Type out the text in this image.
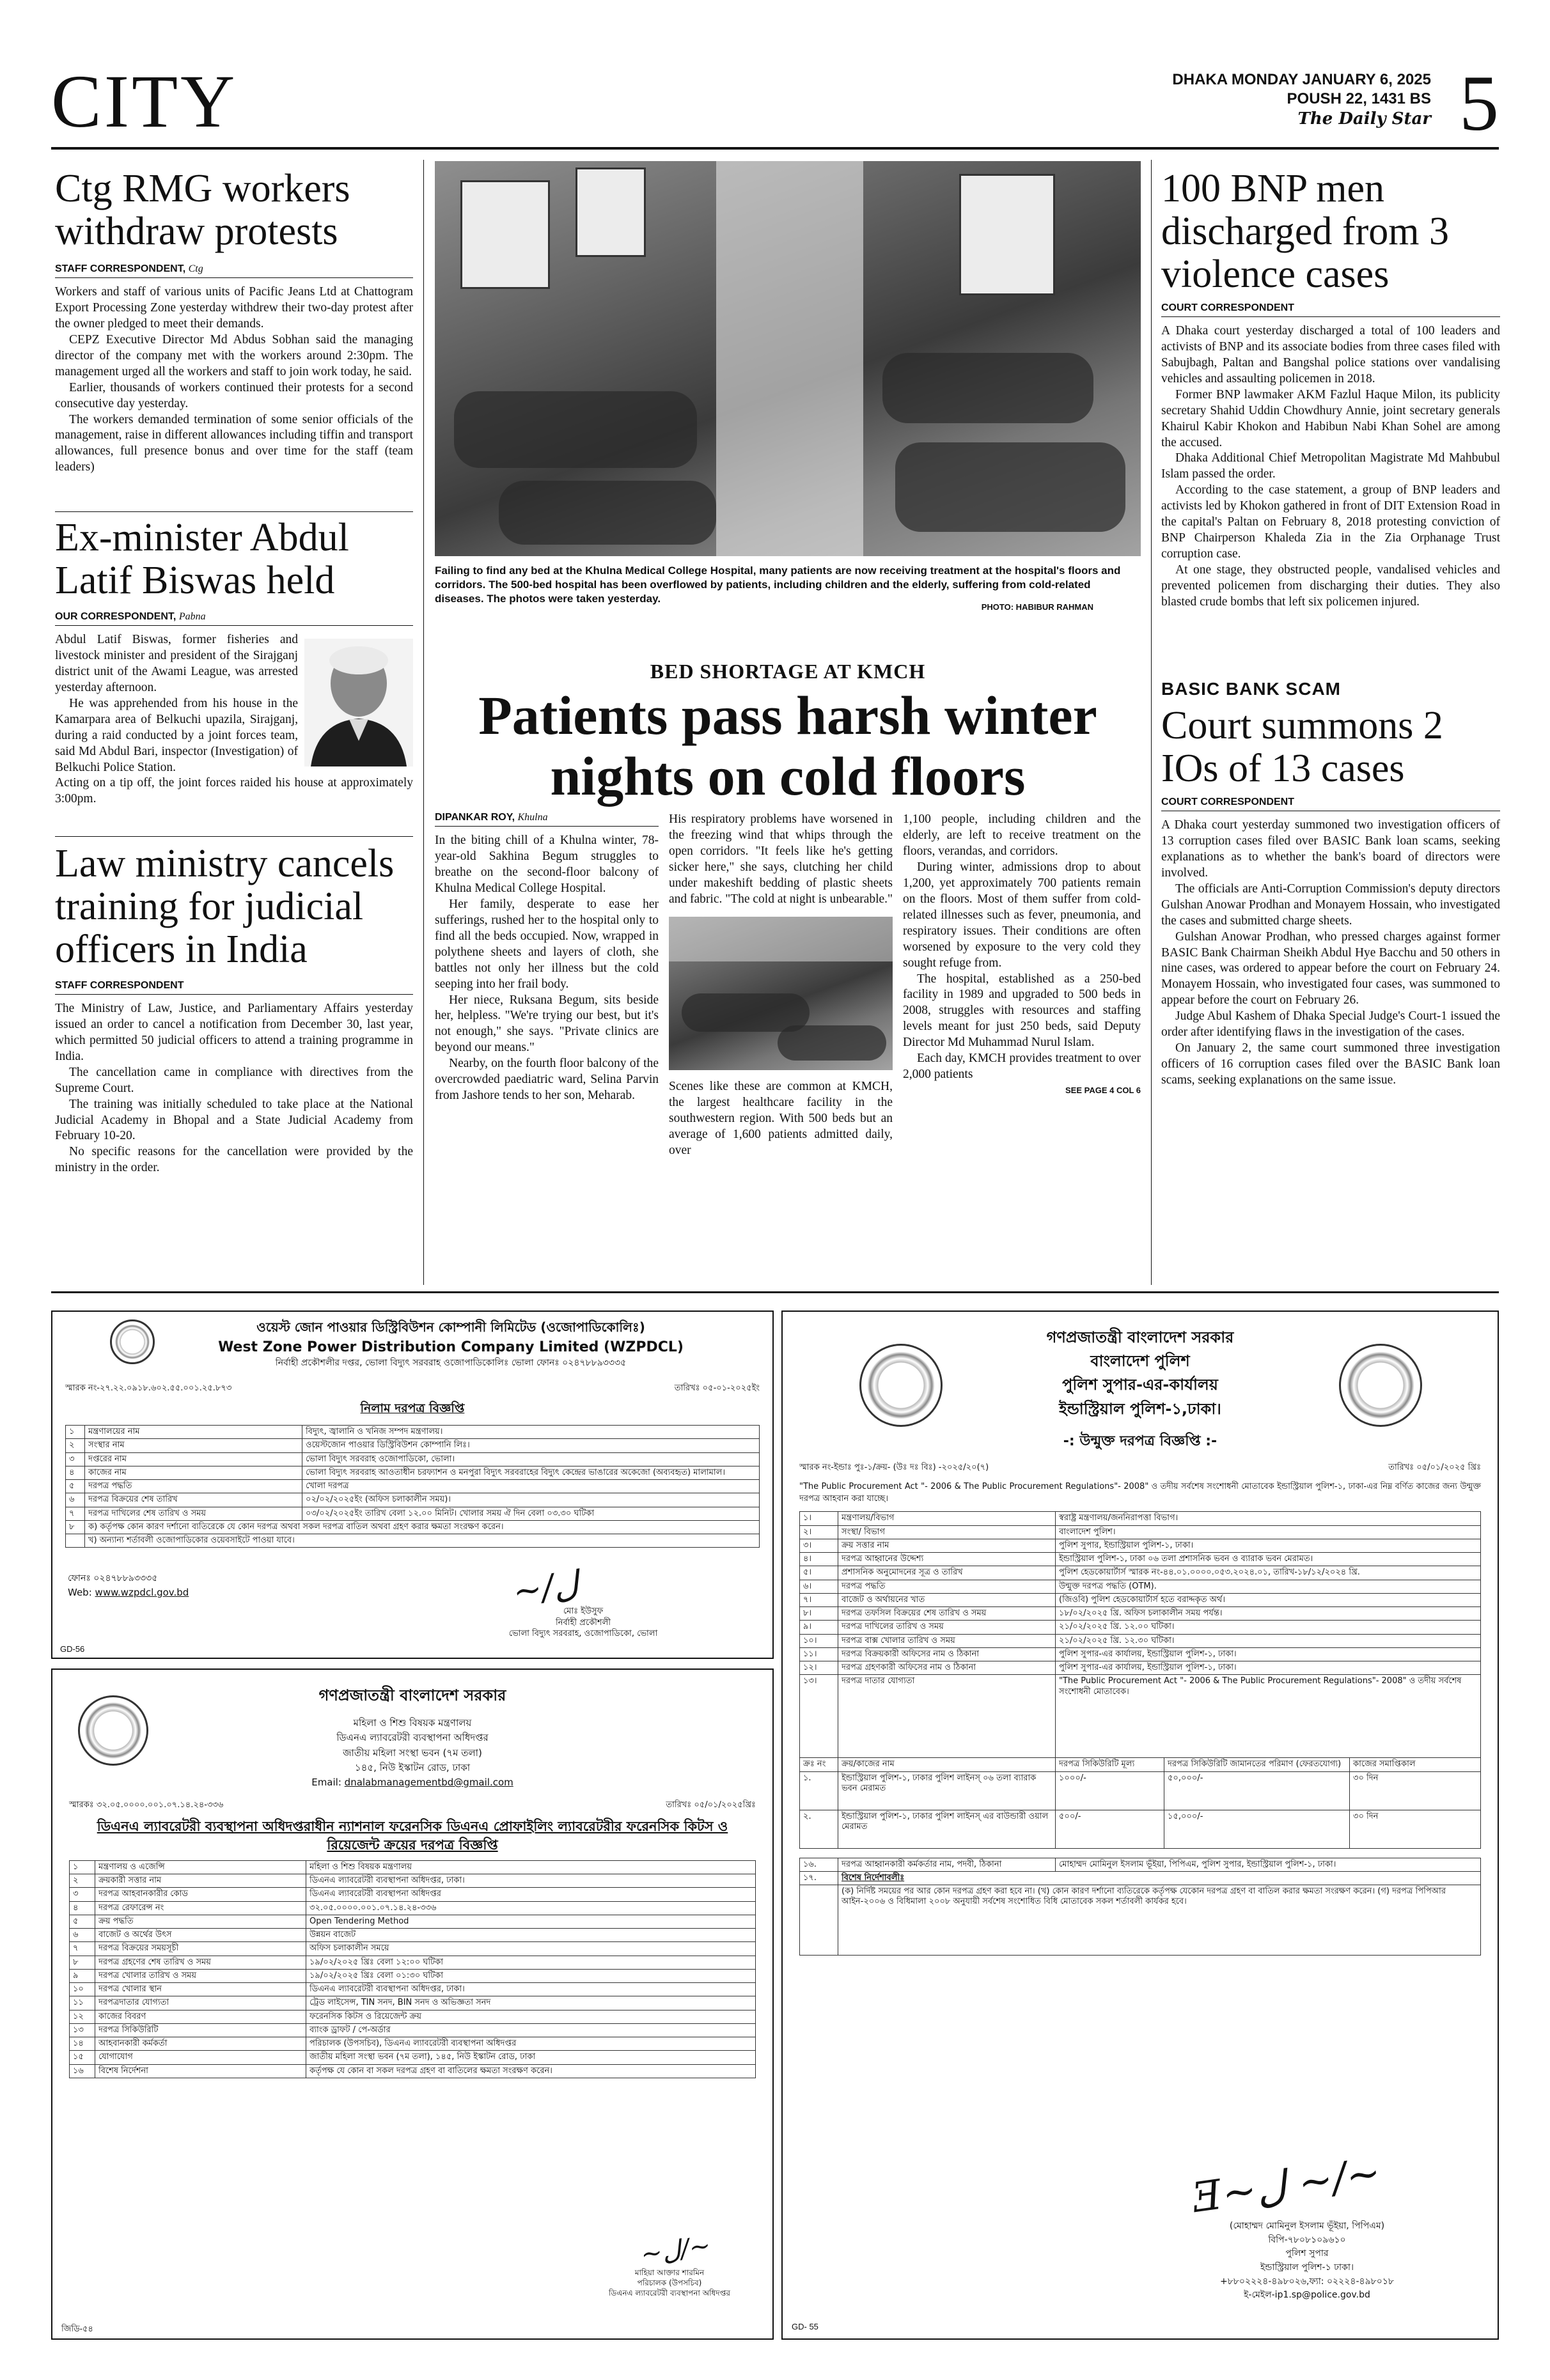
CITY	DHAKA MONDAY JANUARY 6, 2025
POUSH 22, 1431 BS
The Daily Star 5
Ctg RMG workers withdraw protests
STAFF CORRESPONDENT, Ctg

Workers and staff of various units of Pacific Jeans Ltd at Chattogram Export Processing Zone yesterday withdrew their two-day protest after the owner pledged to meet their demands.

CEPZ Executive Director Md Abdus Sobhan said the managing director of the company met with the workers around 2:30pm. The management urged all the workers and staff to join work today, he said.

Earlier, thousands of workers continued their protests for a second consecutive day yesterday.

The workers demanded termination of some senior officials of the management, raise in different allowances including tiffin and transport allowances, full presence bonus and over time for the staff (team leaders)

Ex-minister Abdul Latif Biswas held
OUR CORRESPONDENT, Pabna

Abdul Latif Biswas, former fisheries and livestock minister and president of the Sirajganj district unit of the Awami League, was arrested yesterday afternoon.

He was apprehended from his house in the Kamarpara area of Belkuchi upazila, Sirajganj, during a raid conducted by a joint forces team, said Md Abdul Bari, inspector (Investigation) of Belkuchi Police Station.

Acting on a tip off, the joint forces raided his house at approximately 3:00pm.

Law ministry cancels training for judicial officers in India
STAFF CORRESPONDENT

The Ministry of Law, Justice, and Parliamentary Affairs yesterday issued an order to cancel a notification from December 30, last year, which permitted 50 judicial officers to attend a training programme in India.

The cancellation came in compliance with directives from the Supreme Court.

The training was initially scheduled to take place at the National Judicial Academy in Bhopal and a State Judicial Academy from February 10-20.

No specific reasons for the cancellation were provided by the ministry in the order.

Failing to find any bed at the Khulna Medical College Hospital, many patients are now receiving treatment at the hospital's floors and corridors. The 500-bed hospital has been overflowed by patients, including children and the elderly, suffering from cold-related diseases. The photos were taken yesterday.
PHOTO: HABIBUR RAHMAN
BED SHORTAGE AT KMCH
Patients pass harsh winter nights on cold floors
DIPANKAR ROY, Khulna

In the biting chill of a Khulna winter, 78-year-old Sakhina Begum struggles to breathe on the second-floor balcony of Khulna Medical College Hospital.

Her family, desperate to ease her sufferings, rushed her to the hospital only to find all the beds occupied. Now, wrapped in polythene sheets and layers of cloth, she battles not only her illness but the cold seeping into her frail body.

Her niece, Ruksana Begum, sits beside her, helpless. "We're trying our best, but it's not enough," she says. "Private clinics are beyond our means."

Nearby, on the fourth floor balcony of the overcrowded paediatric ward, Selina Parvin from Jashore tends to her son, Meharab.

His respiratory problems have worsened in the freezing wind that whips through the open corridors. "It feels like he's getting sicker here," she says, clutching her child under makeshift bedding of plastic sheets and fabric. "The cold at night is unbearable."

Scenes like these are common at KMCH, the largest healthcare facility in the southwestern region. With 500 beds but an average of 1,600 patients admitted daily, over

1,100 people, including children and the elderly, are left to receive treatment on the floors, verandas, and corridors.

During winter, admissions drop to about 1,200, yet approximately 700 patients remain on the floors. Most of them suffer from cold-related illnesses such as fever, pneumonia, and respiratory issues. Their conditions are often worsened by exposure to the very cold they sought refuge from.

The hospital, established as a 250-bed facility in 1989 and upgraded to 500 beds in 2008, struggles with resources and staffing levels meant for just 250 beds, said Deputy Director Md Muhammad Nurul Islam.

Each day, KMCH provides treatment to over 2,000 patients

SEE PAGE 4 COL 6
100 BNP men discharged from 3 violence cases
COURT CORRESPONDENT

A Dhaka court yesterday discharged a total of 100 leaders and activists of BNP and its associate bodies from three cases filed with Sabujbagh, Paltan and Bangshal police stations over vandalising vehicles and assaulting policemen in 2018.

Former BNP lawmaker AKM Fazlul Haque Milon, its publicity secretary Shahid Uddin Chowdhury Annie, joint secretary generals Khairul Kabir Khokon and Habibun Nabi Khan Sohel are among the accused.

Dhaka Additional Chief Metropolitan Magistrate Md Mahbubul Islam passed the order.

According to the case statement, a group of BNP leaders and activists led by Khokon gathered in front of DIT Extension Road in the capital's Paltan on February 8, 2018 protesting conviction of BNP Chairperson Khaleda Zia in the Zia Orphanage Trust corruption case.

At one stage, they obstructed people, vandalised vehicles and prevented policemen from discharging their duties. They also blasted crude bombs that left six policemen injured.

BASIC BANK SCAM
Court summons 2 IOs of 13 cases
COURT CORRESPONDENT

A Dhaka court yesterday summoned two investigation officers of 13 corruption cases filed over BASIC Bank loan scams, seeking explanations as to whether the bank's board of directors were involved.

The officials are Anti-Corruption Commission's deputy directors Gulshan Anowar Prodhan and Monayem Hossain, who investigated the cases and submitted charge sheets.

Gulshan Anowar Prodhan, who pressed charges against former BASIC Bank Chairman Sheikh Abdul Hye Bacchu and 50 others in nine cases, was ordered to appear before the court on February 24. Monayem Hossain, who investigated four cases, was summoned to appear before the court on February 26.

Judge Abul Kashem of Dhaka Special Judge's Court-1 issued the order after identifying flaws in the investigation of the cases.

On January 2, the same court summoned three investigation officers of 16 corruption cases filed over the BASIC Bank loan scams, seeking explanations on the same issue.

ওয়েস্ট জোন পাওয়ার ডিস্ট্রিবিউশন কোম্পানী লিমিটেড (ওজোপাডিকোলিঃ)
West Zone Power Distribution Company Limited (WZPDCL)
নির্বাহী প্রকৌশলীর দপ্তর, ভোলা বিদ্যুৎ সরবরাহ ওজোপাডিকোলিঃ ভোলা ফোনঃ ০২৪৭৮৮৯৩৩৩৫
স্মারক নং-২৭.২২.০৯১৮.৬০২.৫৫.০০১.২৫.৮৭৩	তারিখঃ ০৫-০১-২০২৫ইং
নিলাম দরপত্র বিজ্ঞপ্তি
১	মন্ত্রণালয়ের নাম	বিদ্যুৎ, জ্বালানি ও খনিজ সম্পদ মন্ত্রণালয়।
২	সংস্থার নাম	ওয়েস্টজোন পাওয়ার ডিস্ট্রিবিউশন কোম্পানি লিঃ।
৩	দপ্তরের নাম	ভোলা বিদ্যুৎ সরবরাহ ওজোপাডিকো, ভোলা।
৪	কাজের নাম	ভোলা বিদ্যুৎ সরবরাহ আওতাধীন চরফ্যাশন ও মনপুরা বিদ্যুৎ সরবরাহের বিদ্যুৎ কেন্দ্রের ভাঙারের অকেজো (অব্যবহৃত) মালামাল।
৫	দরপত্র পদ্ধতি	খোলা দরপত্র
৬	দরপত্র বিক্রয়ের শেষ তারিখ	০২/০২/২০২৫ইং (অফিস চলাকালীন সময়)।
৭	দরপত্র দাখিলের শেষ তারিখ ও সময়	০৩/০২/২০২৫ইং তারিখ বেলা ১২.০০ মিনিট। খোলার সময় ঐ দিন বেলা ০৩.৩০ ঘটিকা
৮	ক) কর্তৃপক্ষ কোন কারণ দর্শানো ব্যতিরেকে যে কোন দরপত্র অথবা সকল দরপত্র বাতিল অথবা গ্রহণ করার ক্ষমতা সংরক্ষণ করেন।	
	খ) অন্যান্য শর্তাবলী ওজোপাডিকোর ওয়েবসাইটে পাওয়া যাবে।	
ফোনঃ ০২৪৭৮৮৯৩৩৩৫
Web: www.wzpdcl.gov.bd	~/ﻝ
মোঃ ইউসুফ
নির্বাহী প্রকৌশলী
ভোলা বিদ্যুৎ সরবরাহ, ওজোপাডিকো, ভোলা
GD-56
গণপ্রজাতন্ত্রী বাংলাদেশ সরকার
মহিলা ও শিশু বিষয়ক মন্ত্রণালয়
ডিএনএ ল্যাবরেটরী ব্যবস্থাপনা অধিদপ্তর
জাতীয় মহিলা সংস্থা ভবন (৭ম তলা)
১৪৫, নিউ ইস্কাটন রোড, ঢাকা
Email: dnalabmanagementbd@gmail.com
স্মারকঃ ৩২.০৫.০০০০.০০১.০৭.১৪.২৪-৩৩৬	তারিখঃ ০৫/০১/২০২৫খ্রিঃ
ডিএনএ ল্যাবরেটরী ব্যবস্থাপনা অধিদপ্তরাধীন ন্যাশনাল ফরেনসিক ডিএনএ প্রোফাইলিং ল্যাবরেটরীর ফরেনসিক কিটস ও রিয়েজেন্ট ক্রয়ের দরপত্র বিজ্ঞপ্তি
১	মন্ত্রণালয় ও এজেন্সি	মহিলা ও শিশু বিষয়ক মন্ত্রণালয়
২	ক্রয়কারী সত্তার নাম	ডিএনএ ল্যাবরেটরী ব্যবস্থাপনা অধিদপ্তর, ঢাকা।
৩	দরপত্র আহবানকারীর কোড	ডিএনএ ল্যাবরেটরী ব্যবস্থাপনা অধিদপ্তর
৪	দরপত্র রেফারেন্স নং	৩২.০৫.০০০০.০০১.০৭.১৪.২৪-৩৩৬
৫	ক্রয় পদ্ধতি	Open Tendering Method
৬	বাজেট ও অর্থের উৎস	উন্নয়ন বাজেট
৭	দরপত্র বিক্রয়ের সময়সূচী	অফিস চলাকালীন সময়ে
৮	দরপত্র গ্রহণের শেষ তারিখ ও সময়	১৯/০২/২০২৫ খ্রিঃ বেলা ১২:০০ ঘটিকা
৯	দরপত্র খোলার তারিখ ও সময়	১৯/০২/২০২৫ খ্রিঃ বেলা ০১:৩০ ঘটিকা
১০	দরপত্র খোলার স্থান	ডিএনএ ল্যাবরেটরী ব্যবস্থাপনা অধিদপ্তর, ঢাকা।
১১	দরপত্রদাতার যোগ্যতা	ট্রেড লাইসেন্স, TIN সনদ, BIN সনদ ও অভিজ্ঞতা সনদ
১২	কাজের বিবরণ	ফরেনসিক কিটস ও রিয়েজেন্ট ক্রয়
১৩	দরপত্র সিকিউরিটি	ব্যাংক ড্রাফট / পে-অর্ডার
১৪	আহবানকারী কর্মকর্তা	পরিচালক (উপসচিব), ডিএনএ ল্যাবরেটরী ব্যবস্থাপনা অধিদপ্তর
১৫	যোগাযোগ	জাতীয় মহিলা সংস্থা ভবন (৭ম তলা), ১৪৫, নিউ ইস্কাটন রোড, ঢাকা
১৬	বিশেষ নির্দেশনা	কর্তৃপক্ষ যে কোন বা সকল দরপত্র গ্রহণ বা বাতিলের ক্ষমতা সংরক্ষণ করেন।
~ﻝ/~
মাহিয়া আক্তার শারমিন
পরিচালক (উপসচিব)
ডিএনএ ল্যাবরেটরী ব্যবস্থাপনা অধিদপ্তর
জিডি-৫৪
গণপ্রজাতন্ত্রী বাংলাদেশ সরকার
বাংলাদেশ পুলিশ
পুলিশ সুপার-এর-কার্যালয়
ইন্ডাস্ট্রিয়াল পুলিশ-১,ঢাকা।
-: উন্মুক্ত দরপত্র বিজ্ঞপ্তি :-
স্মারক নং-ইন্ডাঃ পুঃ-১/ক্রয়- (উঃ দঃ বিঃ) -২০২৫/২০(৭)	তারিখঃ ০৫/০১/২০২৫ খ্রিঃ
"The Public Procurement Act "- 2006 & The Public Procurement Regulations"- 2008" ও তদীয় সর্বশেষ সংশোধনী মোতাবেক ইন্ডাস্ট্রিয়াল পুলিশ-১, ঢাকা-এর নিম্ন বর্ণিত কাজের জন্য উন্মুক্ত দরপত্র আহবান করা যাচ্ছে।
১।	মন্ত্রণালয়/বিভাগ	স্বরাষ্ট্র মন্ত্রণালয়/জননিরাপত্তা বিভাগ।
২।	সংস্থা/ বিভাগ	বাংলাদেশ পুলিশ।
৩।	ক্রয় সত্তার নাম	পুলিশ সুপার, ইন্ডাস্ট্রিয়াল পুলিশ-১, ঢাকা।
৪।	দরপত্র আহ্বানের উদ্দেশ্য	ইন্ডাস্ট্রিয়াল পুলিশ-১, ঢাকা ০৬ তলা প্রশাসনিক ভবন ও ব্যারাক ভবন মেরামত।
৫।	প্রশাসনিক অনুমোদনের সূত্র ও তারিখ	পুলিশ হেডকোয়ার্টার্স স্মারক নং-৪৪.০১.০০০০.০৫৩.২০২৪.০১, তারিখ-১৮/১২/২০২৪ খ্রি.
৬।	দরপত্র পদ্ধতি	উন্মুক্ত দরপত্র পদ্ধতি (OTM).
৭।	বাজেট ও অর্থায়নের খাত	(জিওবি) পুলিশ হেডকোয়ার্টার্স হতে বরাদ্দকৃত অর্থ।
৮।	দরপত্র তফসিল বিক্রয়ের শেষ তারিখ ও সময়	১৮/০২/২০২৫ খ্রি. অফিস চলাকালীন সময় পর্যন্ত।
৯।	দরপত্র দাখিলের তারিখ ও সময়	২১/০২/২০২৫ খ্রি. ১২.০০ ঘটিকা।
১০।	দরপত্র বাক্স খোলার তারিখ ও সময়	২১/০২/২০২৫ খ্রি. ১২.৩০ ঘটিকা।
১১।	দরপত্র বিক্রয়কারী অফিসের নাম ও ঠিকানা	পুলিশ সুপার-এর কার্যালয়, ইন্ডাস্ট্রিয়াল পুলিশ-১, ঢাকা।
১২।	দরপত্র গ্রহণকারী অফিসের নাম ও ঠিকানা	পুলিশ সুপার-এর কার্যালয়, ইন্ডাস্ট্রিয়াল পুলিশ-১, ঢাকা।
১৩।	দরপত্র দাতার যোগ্যতা	"The Public Procurement Act "- 2006 & The Public Procurement Regulations"- 2008" ও তদীয় সর্বশেষ সংশোধনী মোতাবেক।
ক্রঃ নং	ক্রয়/কাজের নাম	দরপত্র সিকিউরিটি মূল্য	দরপত্র সিকিউরিটি জামানতের পরিমাণ (ফেরতযোগ্য)	কাজের সমাপ্তিকাল
১.	ইন্ডাস্ট্রিয়াল পুলিশ-১, ঢাকার পুলিশ লাইনস্ ০৬ তলা ব্যারাক ভবন মেরামত	১০০০/-	৫০,০০০/-	৩০ দিন
২.	ইন্ডাস্ট্রিয়াল পুলিশ-১, ঢাকার পুলিশ লাইনস্ এর বাউন্ডারী ওয়াল মেরামত	৫০০/-	১৫,০০০/-	৩০ দিন
১৬.	দরপত্র আহ্বানকারী কর্মকর্তার নাম, পদবী, ঠিকানা	মোহাম্মদ মোমিনুল ইসলাম ভূঁইয়া, পিপিএম, পুলিশ সুপার, ইন্ডাস্ট্রিয়াল পুলিশ-১, ঢাকা।
১৭.	বিশেষ নির্দেশাবলীঃ	
	(ক) নির্দিষ্ট সময়ের পর আর কোন দরপত্র গ্রহণ করা হবে না। (খ) কোন কারণ দর্শানো ব্যতিরেকে কর্তৃপক্ষ যেকোন দরপত্র গ্রহণ বা বাতিল করার ক্ষমতা সংরক্ষণ করেন। (গ) দরপত্র পিপিআর আইন-২০০৬ ও বিধিমালা ২০০৮ অনুযায়ী সর্বশেষ সংশোধিত বিধি মোতাবেক সকল শর্তাবলী কার্যকর হবে।	
Ǝ~ﻝ ~/~
(মোহাম্মদ মোমিনুল ইসলাম ভূঁইয়া, পিপিএম)
বিপি-৭৮০৮১০৯৬১০
পুলিশ সুপার
ইন্ডাস্ট্রিয়াল পুলিশ-১ ঢাকা।
+৮৮০২২২৪-৪৯৮০২৬,ফ্যা: ০২২২৪-৪৯৮০১৮
ই-মেইল-ip1.sp@police.gov.bd
GD- 55
